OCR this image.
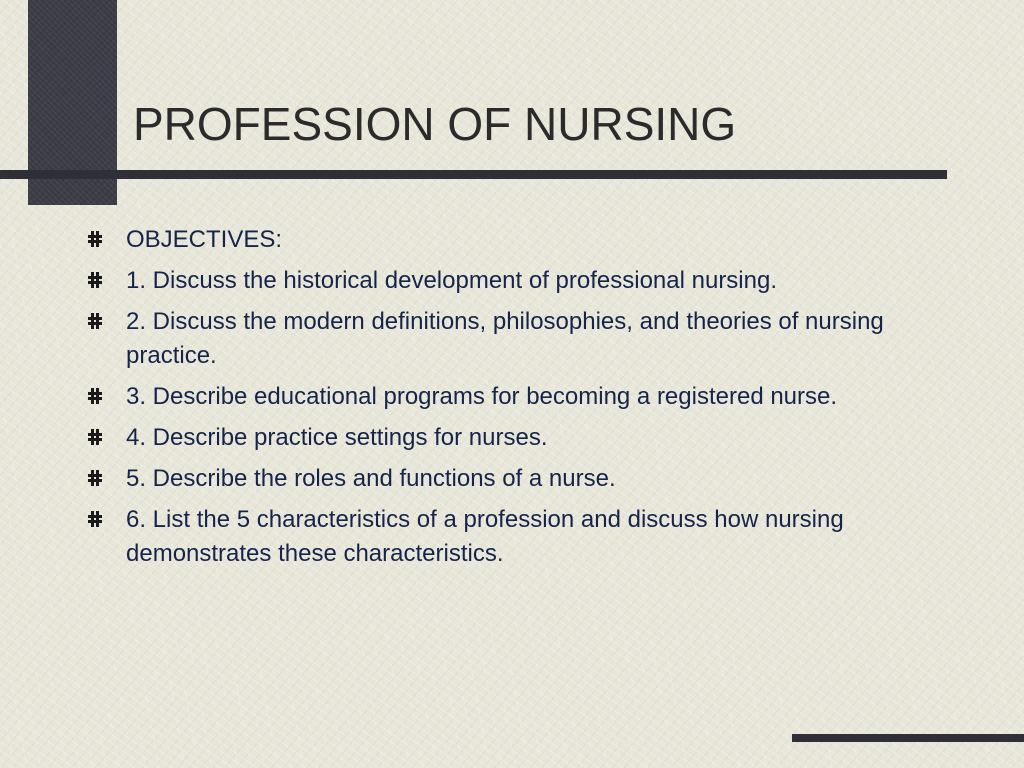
PROFESSION OF NURSING
OBJECTIVES:
1. Discuss the historical development of professional nursing.
2. Discuss the modern definitions, philosophies, and theories of nursing practice.
3. Describe educational programs for becoming a registered nurse.
4. Describe practice settings for nurses.
5. Describe the roles and functions of a nurse.
6. List the 5 characteristics of a profession and discuss how nursing demonstrates these characteristics.
